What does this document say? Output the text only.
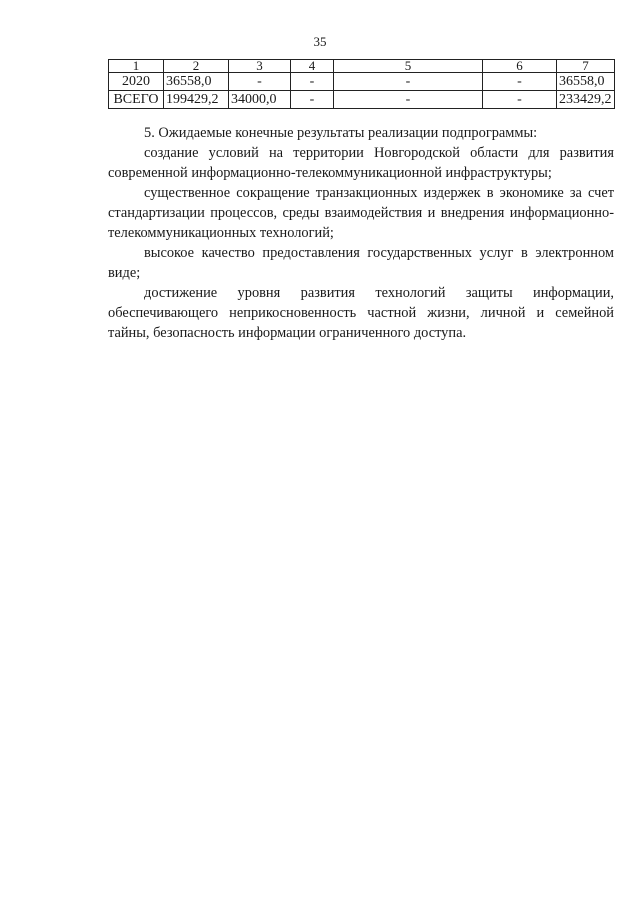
35
1	2	3	4	5	6	7
2020	36558,0	-	-	-	-	36558,0
ВСЕГО	199429,2	34000,0	-	-	-	233429,2

5. Ожидаемые конечные результаты реализации подпрограммы:

создание условий на территории Новгородской области для развития современной информационно-телекоммуникационной инфраструктуры;

существенное сокращение транзакционных издержек в экономике за счет стандартизации процессов, среды взаимодействия и внедрения информационно-телекоммуникационных технологий;

высокое качество предоставления государственных услуг в электронном виде;

достижение уровня развития технологий защиты информации, обеспечивающего неприкосновенность частной жизни, личной и семейной тайны, безопасность информации ограниченного доступа.
